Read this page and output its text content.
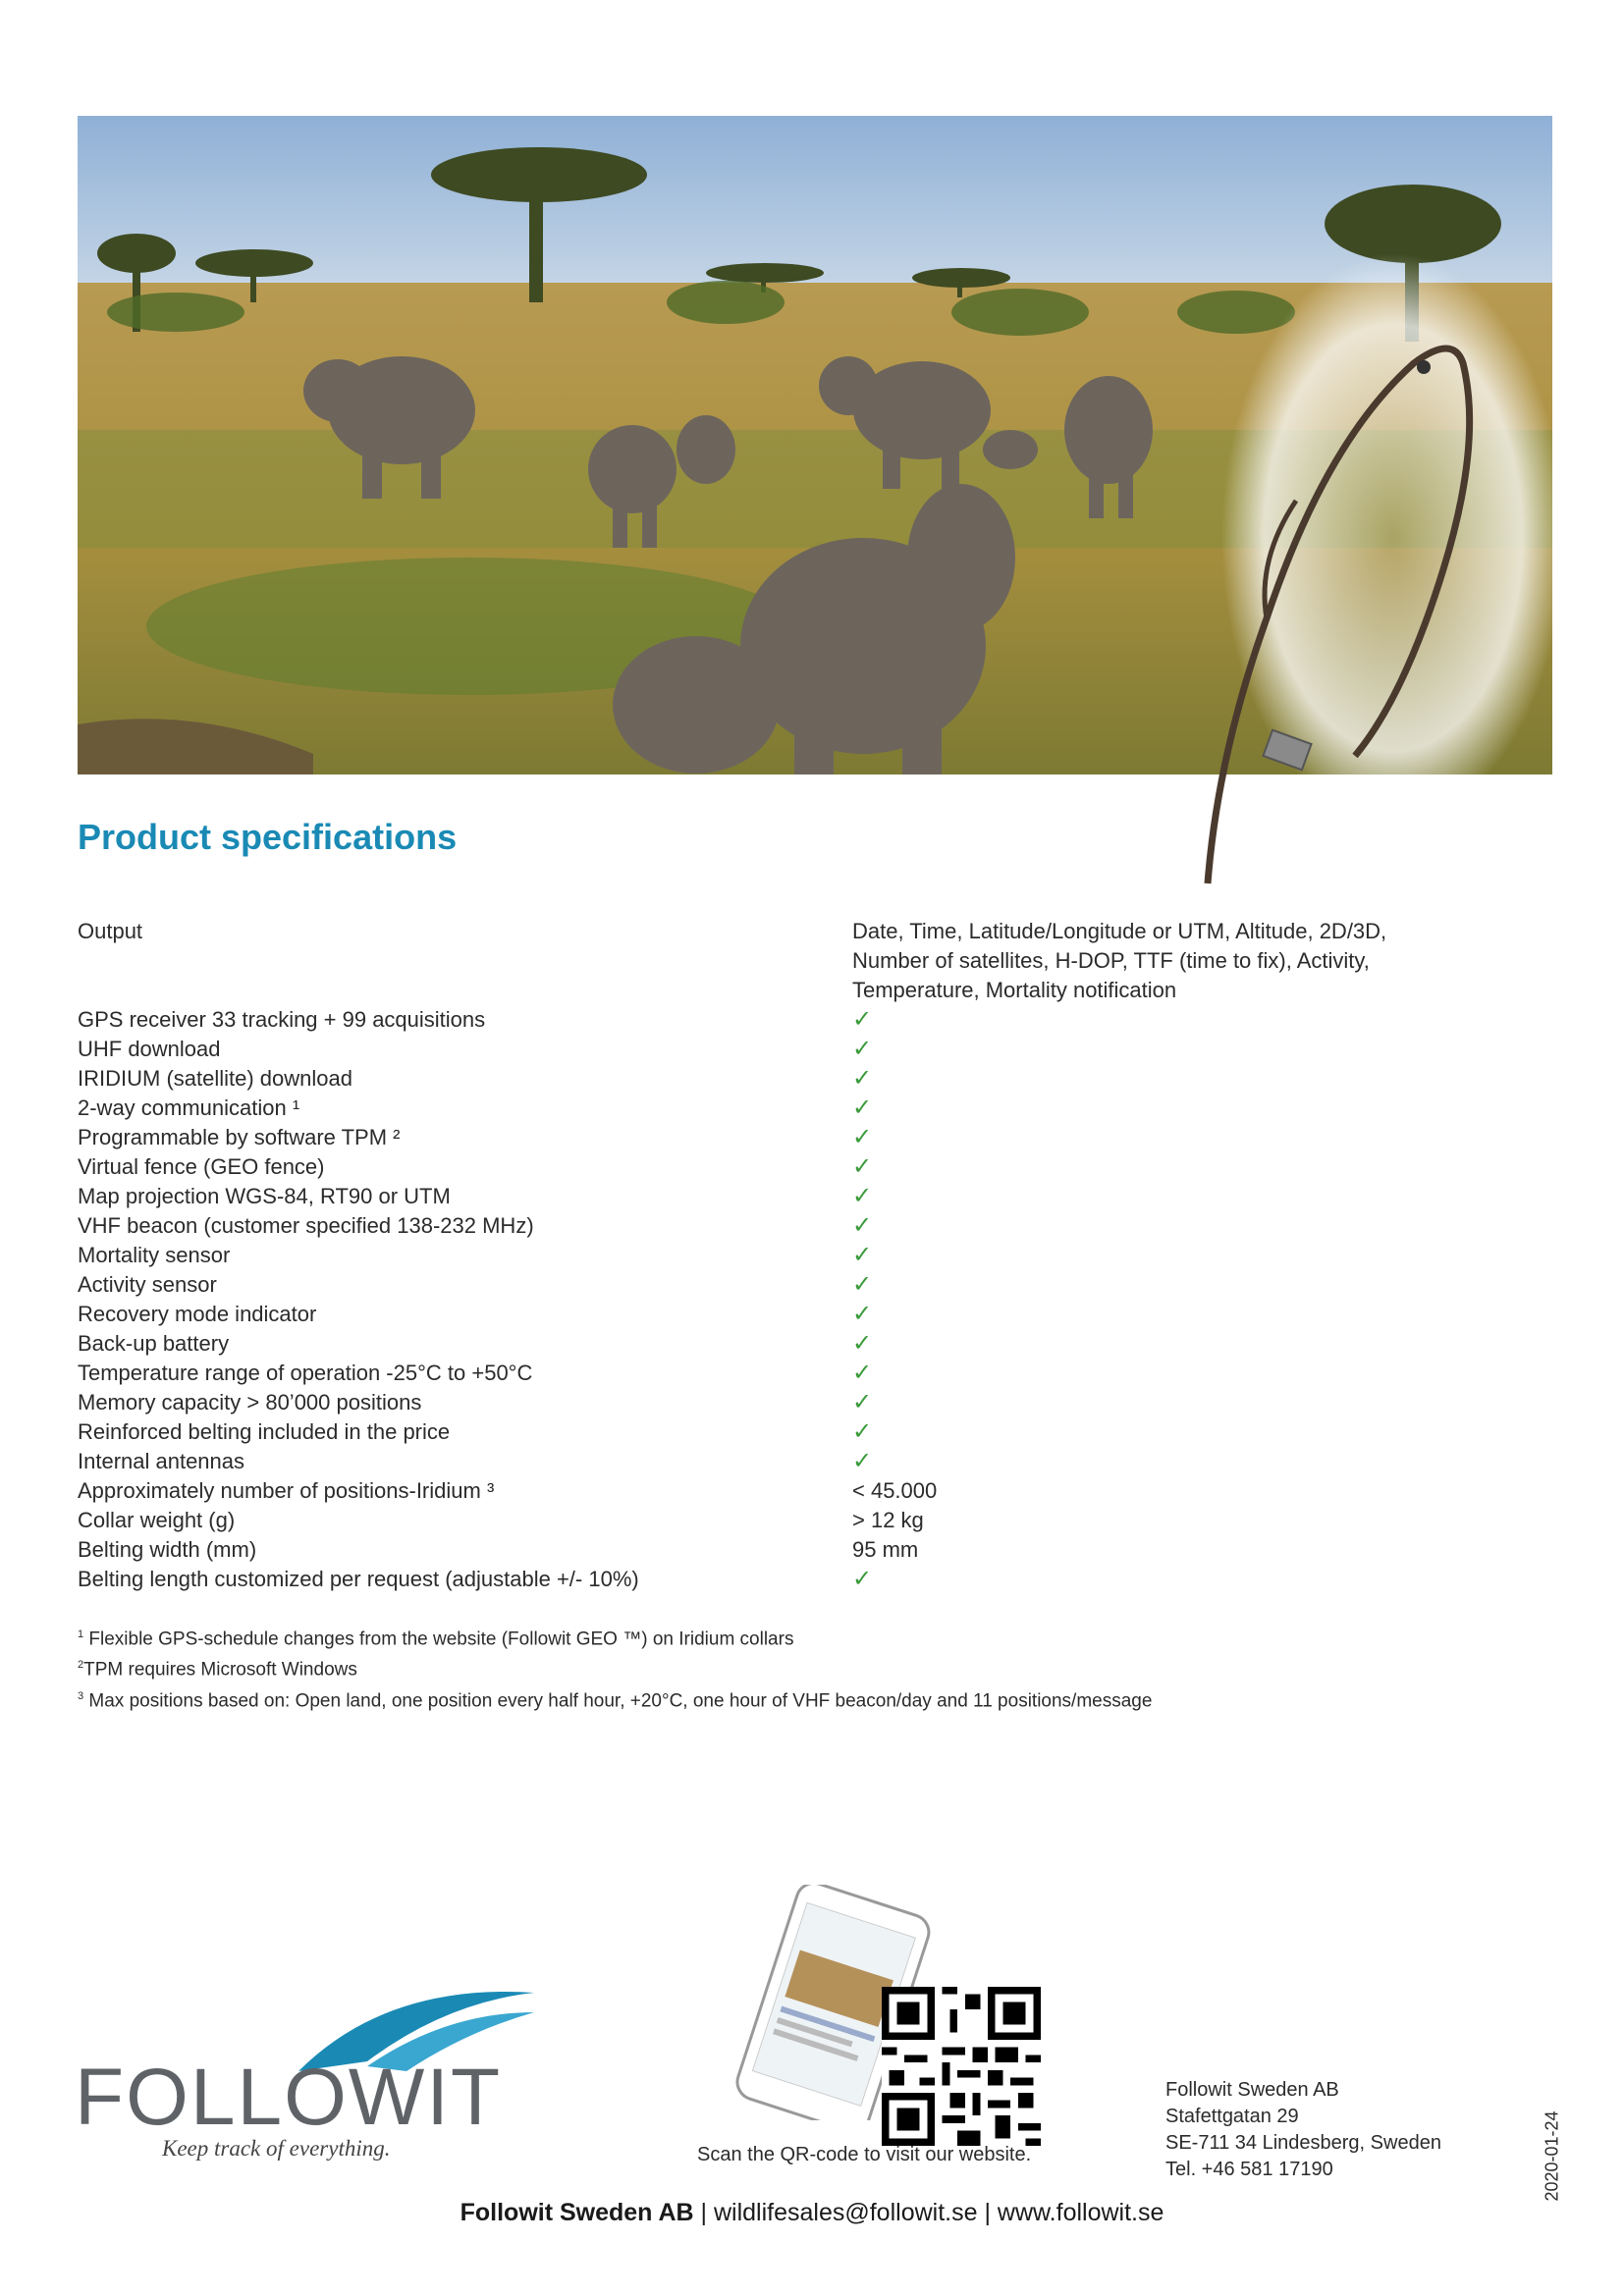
Product specifications
Output	Date, Time, Latitude/Longitude or UTM, Altitude, 2D/3D,
Number of satellites, H-DOP, TTF (time to fix), Activity,
Temperature, Mortality notification

GPS receiver 33 tracking + 99 acquisitions	✓
UHF download	✓
IRIDIUM (satellite) download	✓
2-way communication ¹	✓
Programmable by software TPM ²	✓
Virtual fence (GEO fence)	✓
Map projection WGS-84, RT90 or UTM	✓
VHF beacon (customer specified 138-232 MHz)	✓
Mortality sensor	✓
Activity sensor	✓
Recovery mode indicator	✓
Back-up battery	✓
Temperature range of operation -25°C to +50°C	✓
Memory capacity > 80’000 positions	✓
Reinforced belting included in the price	✓
Internal antennas	✓
Approximately number of positions-Iridium ³	< 45.000
Collar weight (g)	> 12 kg
Belting width (mm)	95 mm
Belting length customized per request (adjustable +/- 10%)	✓
$^1$ Flexible GPS-schedule changes from the website (Followit GEO ™) on Iridium collars
$^2$TPM requires Microsoft Windows
$^3$ Max positions based on: Open land, one position every half hour, +20°C, one hour of VHF beacon/day and 11 positions/message
FOLLOWIT
Keep track of everything.	Scan the QR-code to visit our website.
Followit Sweden AB
Stafettgatan 29
SE-711 34 Lindesberg, Sweden
Tel. +46 581 17190	2020-01-24
Followit Sweden AB | wildlifesales@followit.se | www.followit.se
